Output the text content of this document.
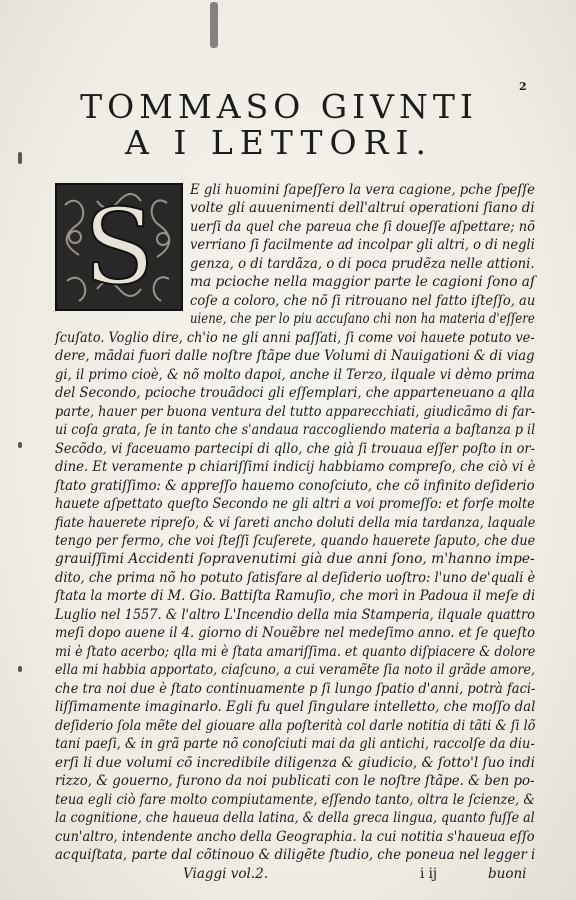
2
TOMMASO GIVNTI
A I LETTORI.
S	E gli huomini ſapeſſero la vera cagione, pche ſpeſſe
volte gli auuenimenti dell'altrui operationi ſiano di
uerſi da quel che pareua che ſi doueſſe aſpettare; nõ
verriano ſi facilmente ad incolpar gli altri, o di negli
genza, o di tardãza, o di poca prudẽza nelle attioni.
ma pcioche nella maggior parte le cagioni ſono aſ
coſe a coloro, che nõ ſi ritrouano nel fatto iſteſſo, au
uiene, che per lo piu accuſano chi non ha materia d'eſſere
ſcuſato. Voglio dire, ch'io ne gli anni paſſati, ſi come voi hauete potuto ve-
dere, mãdai fuori dalle noſtre ſtãpe due Volumi di Nauigationi & di viag
gi, il primo cioè, & nõ molto dapoi, anche il Terzo, ilquale vi dèmo prima
del Secondo, pcioche trouãdoci gli eſſemplari, che apparteneuano a qlla
parte, hauer per buona ventura del tutto apparecchiati, giudicãmo di far-
ui coſa grata, ſe in tanto che s'andaua raccogliendo materia a baſtanza p il
Secõdo, vi faceuamo partecipi di qllo, che già ſi trouaua eſſer poſto in or-
dine. Et veramente p chiariſſimi indicij habbiamo compreſo, che ciò vi è
ſtato gratiſſimo: & appreſſo hauemo conoſciuto, che cõ infinito deſiderio
hauete aſpettato queſto Secondo ne gli altri a voi promeſſo: et forſe molte
fiate hauerete ripreſo, & vi ſareti ancho doluti della mia tardanza, laquale
tengo per fermo, che voi ſteſſi ſcuſerete, quando hauerete ſaputo, che due
grauiſſimi Accidenti ſopravenutimi già due anni ſono, m'hanno impe-
dito, che prima nõ ho potuto ſatisfare al deſiderio uoſtro: l'uno de'quali è
ſtata la morte di M. Gio. Battiſta Ramuſio, che morì in Padoua il meſe di
Luglio nel 1557. & l'altro L'Incendio della mia Stamperia, ilquale quattro
meſi dopo auene il 4. giorno di Nouẽbre nel medeſimo anno. et ſe queſto
mi è ſtato acerbo; qlla mi è ſtata amariſſima. et quanto diſpiacere & dolore
ella mi habbia apportato, ciaſcuno, a cui veramẽte ſia noto il grãde amore,
che tra noi due è ſtato continuamente p ſi lungo ſpatio d'anni, potrà faci-
liſſimamente imaginarlo. Egli fu quel ſingulare intelletto, che moſſo dal
deſiderio ſola mẽte del giouare alla poſterità col darle notitia di tãti & ſi lõ
tani paeſi, & in grã parte nõ conoſciuti mai da gli antichi, raccolſe da diu-
erſi li due volumi cõ incredibile diligenza & giudicio, & ſotto'l ſuo indi
rizzo, & gouerno, furono da noi publicati con le noſtre ſtãpe. & ben po-
teua egli ciò fare molto compiutamente, eſſendo tanto, oltra le ſcienze, &
la cognitione, che haueua della latina, & della greca lingua, quanto fuſſe al
cun'altro, intendente ancho della Geographia. la cui notitia s'haueua eſſo
acquiſtata, parte dal cõtinouo & diligẽte ſtudio, che poneua nel legger i
Viaggi vol.2.	i ij	buoni
